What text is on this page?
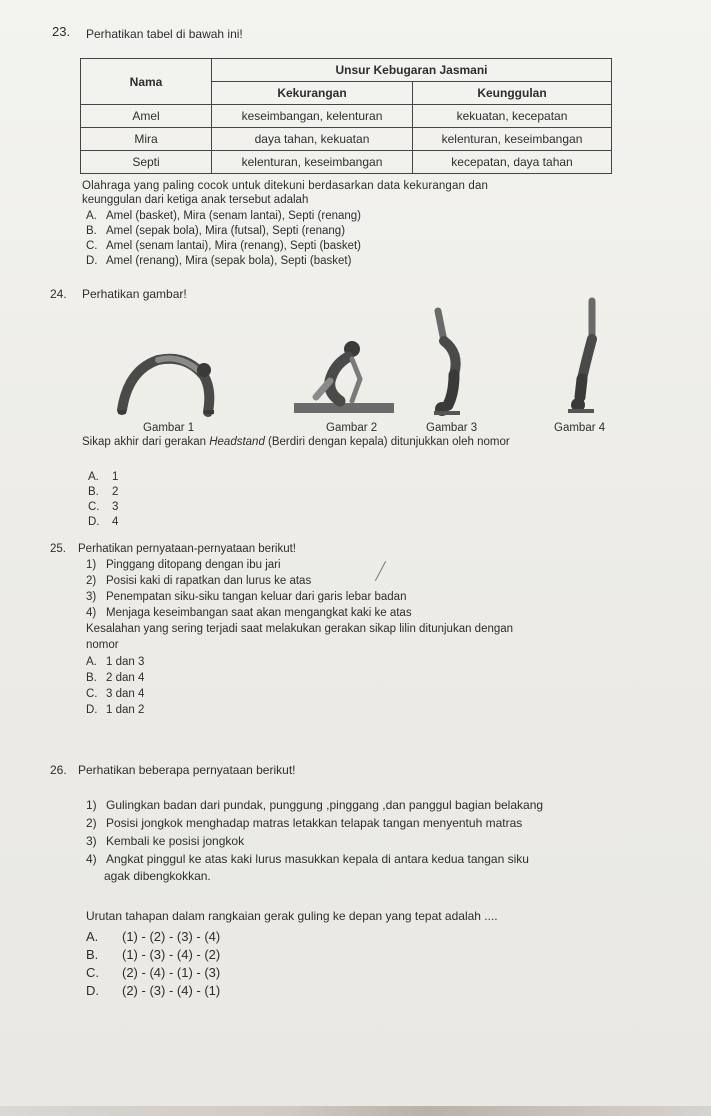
23. Perhatikan tabel di bawah ini!
Nama	Unsur Kebugaran Jasmani	
	Kekurangan	Keunggulan
Amel	keseimbangan, kelenturan	kekuatan, kecepatan
Mira	daya tahan, kekuatan	kelenturan, keseimbangan
Septi	kelenturan, keseimbangan	kecepatan, daya tahan
Olahraga yang paling cocok untuk ditekuni berdasarkan data kekurangan dan
keunggulan dari ketiga anak tersebut adalah
A. Amel (basket), Mira (senam lantai), Septi (renang)
B. Amel (sepak bola), Mira (futsal), Septi (renang)
C. Amel (senam lantai), Mira (renang), Septi (basket)
D. Amel (renang), Mira (sepak bola), Septi (basket)
24. Perhatikan gambar!
Gambar 1	Gambar 2	Gambar 3	Gambar 4
Sikap akhir dari gerakan Headstand (Berdiri dengan kepala) ditunjukkan oleh nomor
A. 1
B. 2
C. 3
D. 4
25. Perhatikan pernyataan-pernyataan berikut!
1) Pinggang ditopang dengan ibu jari
2) Posisi kaki di rapatkan dan lurus ke atas
3) Penempatan siku-siku tangan keluar dari garis lebar badan
4) Menjaga keseimbangan saat akan mengangkat kaki ke atas
Kesalahan yang sering terjadi saat melakukan gerakan sikap lilin ditunjukan dengan
nomor
A. 1 dan 3
B. 2 dan 4
C. 3 dan 4
D. 1 dan 2
26. Perhatikan beberapa pernyataan berikut!
1) Gulingkan badan dari pundak, punggung ,pinggang ,dan panggul bagian belakang
2) Posisi jongkok menghadap matras letakkan telapak tangan menyentuh matras
3) Kembali ke posisi jongkok
4) Angkat pinggul ke atas kaki lurus masukkan kepala di antara kedua tangan siku
agak dibengkokkan.
Urutan tahapan dalam rangkaian gerak guling ke depan yang tepat adalah ....
A. (1) - (2) - (3) - (4)
B. (1) - (3) - (4) - (2)
C. (2) - (4) - (1) - (3)
D. (2) - (3) - (4) - (1)
